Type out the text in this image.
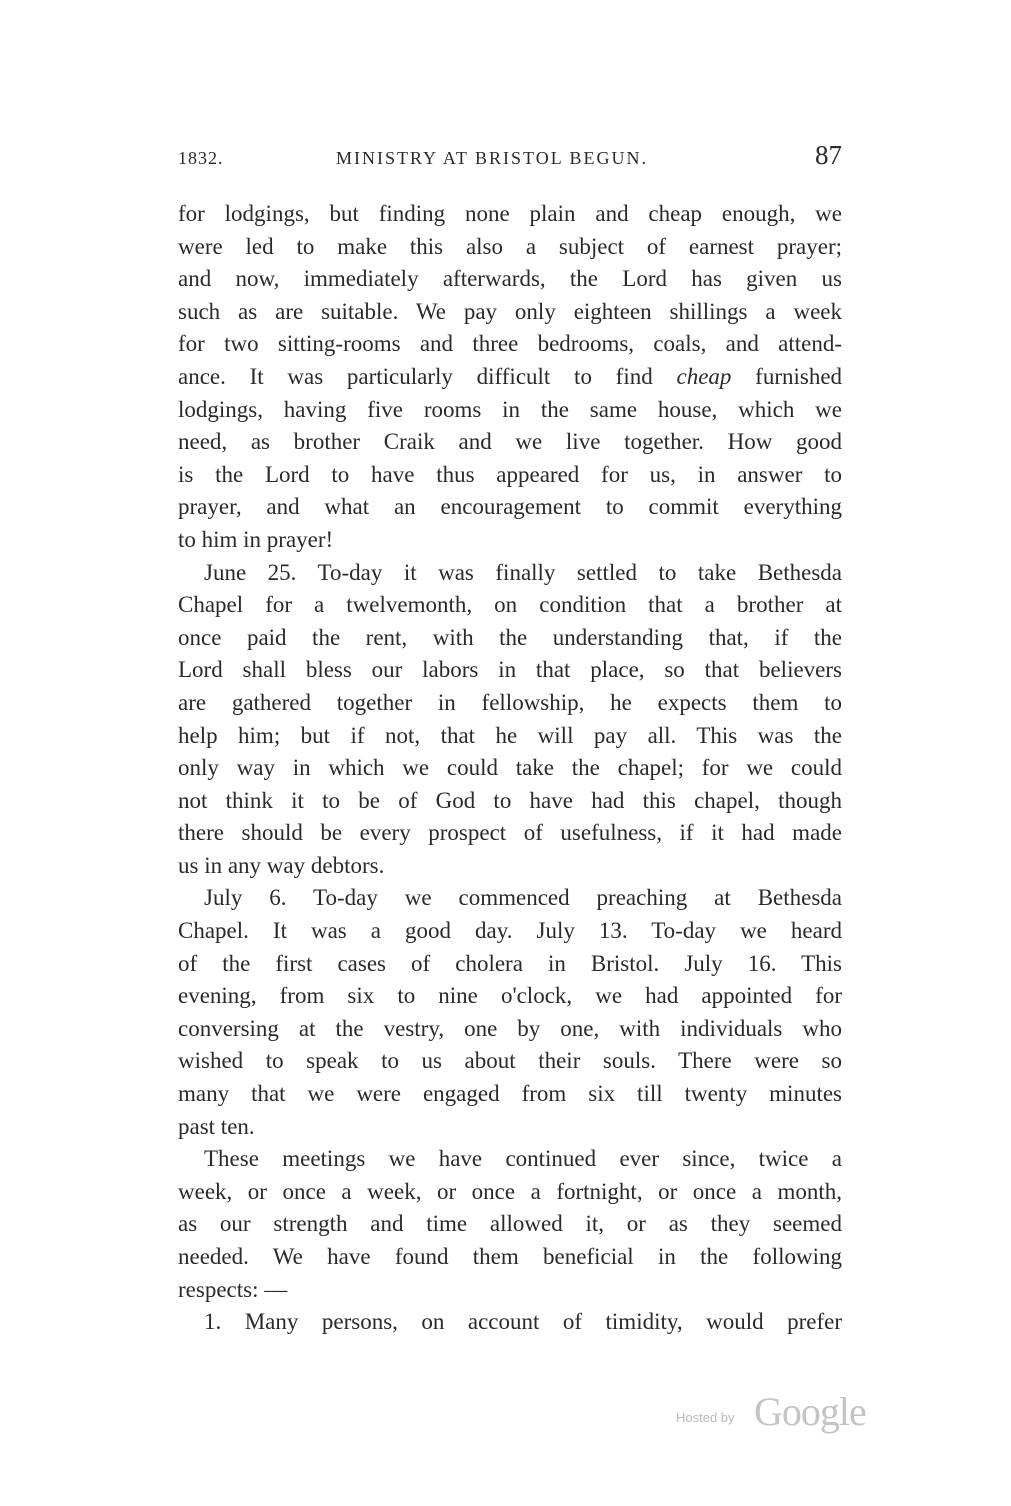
1832.	MINISTRY AT BRISTOL BEGUN.	87
for lodgings, but finding none plain and cheap enough, we
were led to make this also a subject of earnest prayer;
and now, immediately afterwards, the Lord has given us
such as are suitable. We pay only eighteen shillings a week
for two sitting-rooms and three bedrooms, coals, and attend-
ance. It was particularly difficult to find cheap furnished
lodgings, having five rooms in the same house, which we
need, as brother Craik and we live together. How good
is the Lord to have thus appeared for us, in answer to
prayer, and what an encouragement to commit everything
to him in prayer!
June 25. To-day it was finally settled to take Bethesda
Chapel for a twelvemonth, on condition that a brother at
once paid the rent, with the understanding that, if the
Lord shall bless our labors in that place, so that believers
are gathered together in fellowship, he expects them to
help him; but if not, that he will pay all. This was the
only way in which we could take the chapel; for we could
not think it to be of God to have had this chapel, though
there should be every prospect of usefulness, if it had made
us in any way debtors.
July 6. To-day we commenced preaching at Bethesda
Chapel. It was a good day. July 13. To-day we heard
of the first cases of cholera in Bristol. July 16. This
evening, from six to nine o'clock, we had appointed for
conversing at the vestry, one by one, with individuals who
wished to speak to us about their souls. There were so
many that we were engaged from six till twenty minutes
past ten.
These meetings we have continued ever since, twice a
week, or once a week, or once a fortnight, or once a month,
as our strength and time allowed it, or as they seemed
needed. We have found them beneficial in the following
respects: —
1. Many persons, on account of timidity, would prefer
Hosted by Google
